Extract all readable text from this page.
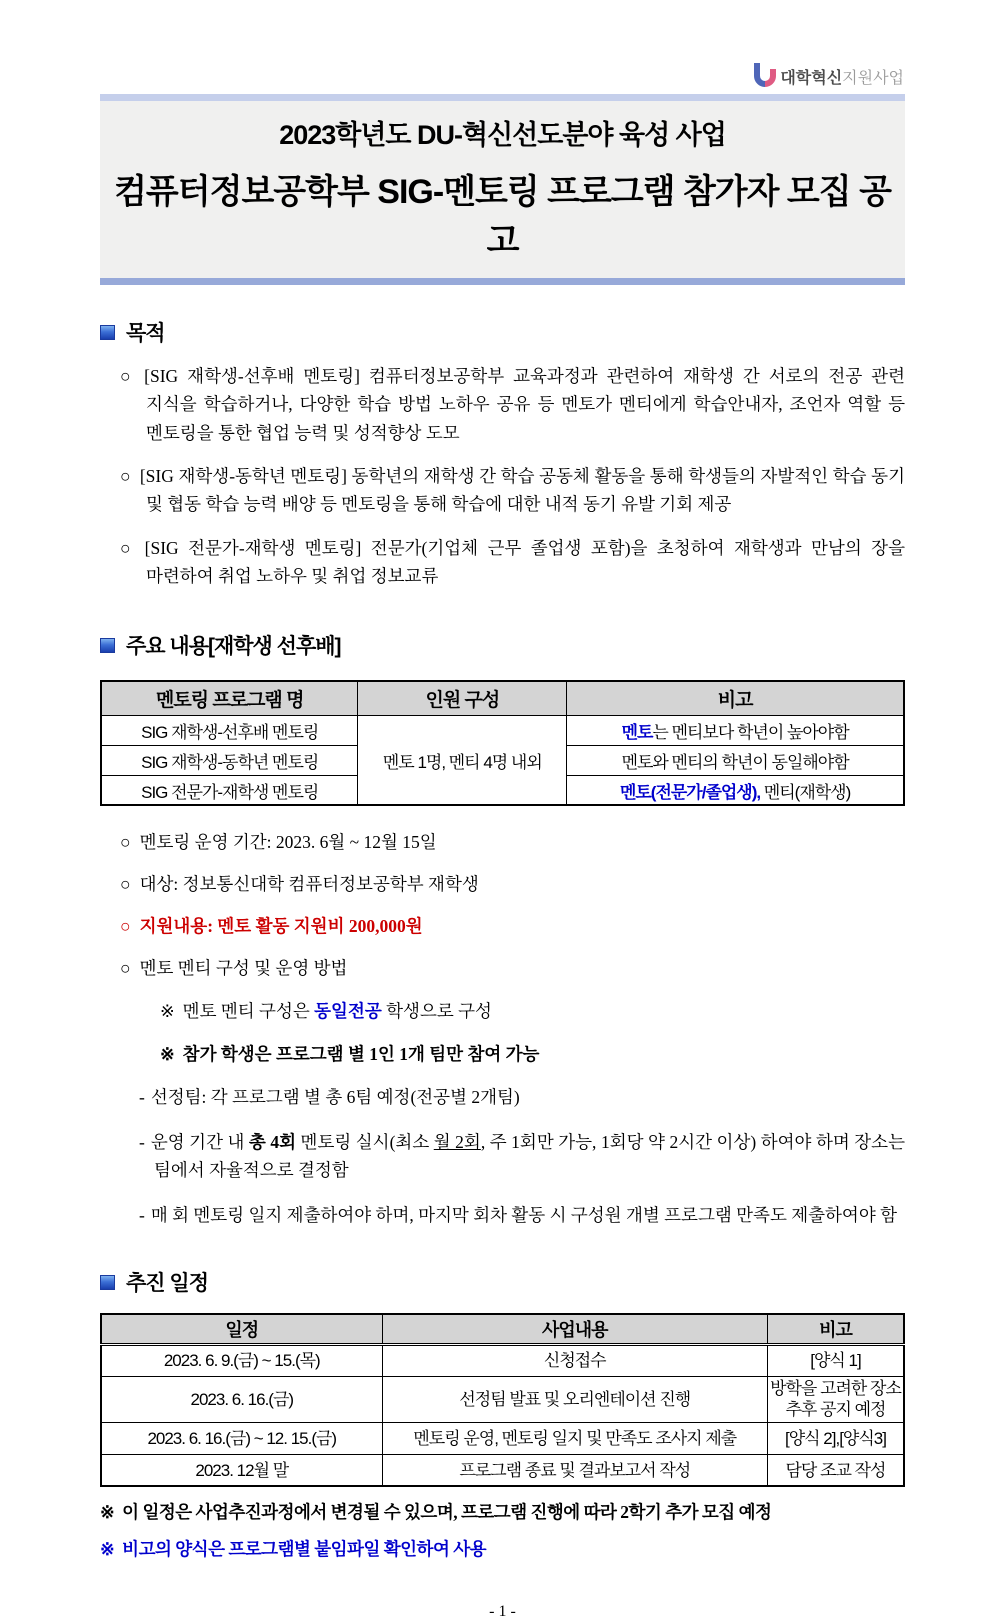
대학혁신지원사업
2023학년도 DU-혁신선도분야 육성 사업
컴퓨터정보공학부 SIG-멘토링 프로그램 참가자 모집 공고
목적

○ [SIG 재학생-선후배 멘토링] 컴퓨터정보공학부 교육과정과 관련하여 재학생 간 서로의 전공 관련 지식을 학습하거나, 다양한 학습 방법 노하우 공유 등 멘토가 멘티에게 학습안내자, 조언자 역할 등 멘토링을 통한 협업 능력 및 성적향상 도모

○ [SIG 재학생-동학년 멘토링] 동학년의 재학생 간 학습 공동체 활동을 통해 학생들의 자발적인 학습 동기 및 협동 학습 능력 배양 등 멘토링을 통해 학습에 대한 내적 동기 유발 기회 제공

○ [SIG 전문가-재학생 멘토링] 전문가(기업체 근무 졸업생 포함)을 초청하여 재학생과 만남의 장을 마련하여 취업 노하우 및 취업 정보교류

주요 내용[재학생 선후배]
멘토링 프로그램 명	인원 구성	비고
SIG 재학생-선후배 멘토링	멘토 1명, 멘티 4명 내외	멘토는 멘티보다 학년이 높아야함
SIG 재학생-동학년 멘토링		멘토와 멘티의 학년이 동일해야함
SIG 전문가-재학생 멘토링		멘토(전문가/졸업생), 멘티(재학생)

○ 멘토링 운영 기간: 2023. 6월 ~ 12월 15일

○ 대상: 정보통신대학 컴퓨터정보공학부 재학생

○ 지원내용: 멘토 활동 지원비 200,000원

○ 멘토 멘티 구성 및 운영 방법

※ 멘토 멘티 구성은 동일전공 학생으로 구성

※ 참가 학생은 프로그램 별 1인 1개 팀만 참여 가능

- 선정팀: 각 프로그램 별 총 6팀 예정(전공별 2개팀)

- 운영 기간 내 총 4회 멘토링 실시(최소 월 2회, 주 1회만 가능, 1회당 약 2시간 이상) 하여야 하며 장소는 팀에서 자율적으로 결정함

- 매 회 멘토링 일지 제출하여야 하며, 마지막 회차 활동 시 구성원 개별 프로그램 만족도 제출하여야 함

추진 일정
일정	사업내용	비고
2023. 6. 9.(금) ~ 15.(목)	신청접수	[양식 1]
2023. 6. 16.(금)	선정팀 발표 및 오리엔테이션 진행	방학을 고려한 장소 추후 공지 예정
2023. 6. 16.(금) ~ 12. 15.(금)	멘토링 운영, 멘토링 일지 및 만족도 조사지 제출	[양식 2],[양식3]
2023. 12월 말	프로그램 종료 및 결과보고서 작성	담당 조교 작성

※ 이 일정은 사업추진과정에서 변경될 수 있으며, 프로그램 진행에 따라 2학기 추가 모집 예정

※ 비고의 양식은 프로그램별 붙임파일 확인하여 사용

- 1 -
